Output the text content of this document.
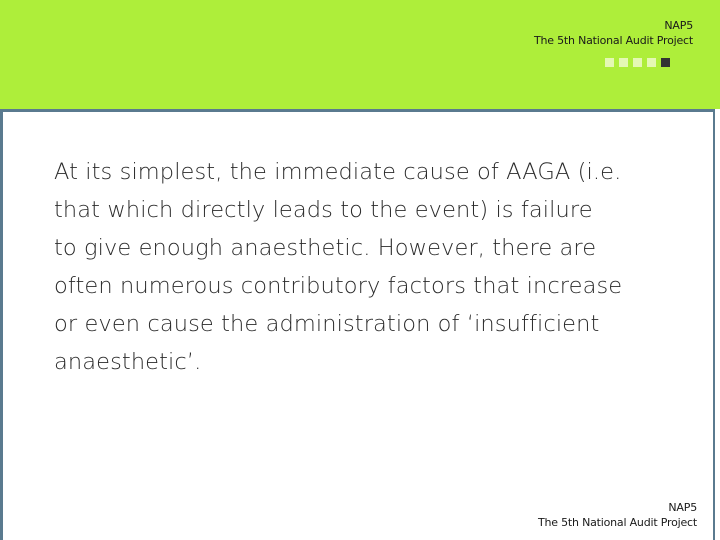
NAP5
The 5th National Audit Project
At its simplest, the immediate cause of AAGA (i.e.
that which directly leads to the event) is failure
to give enough anaesthetic. However, there are
often numerous contributory factors that increase
or even cause the administration of ‘insufficient
anaesthetic’.
NAP5
The 5th National Audit Project
